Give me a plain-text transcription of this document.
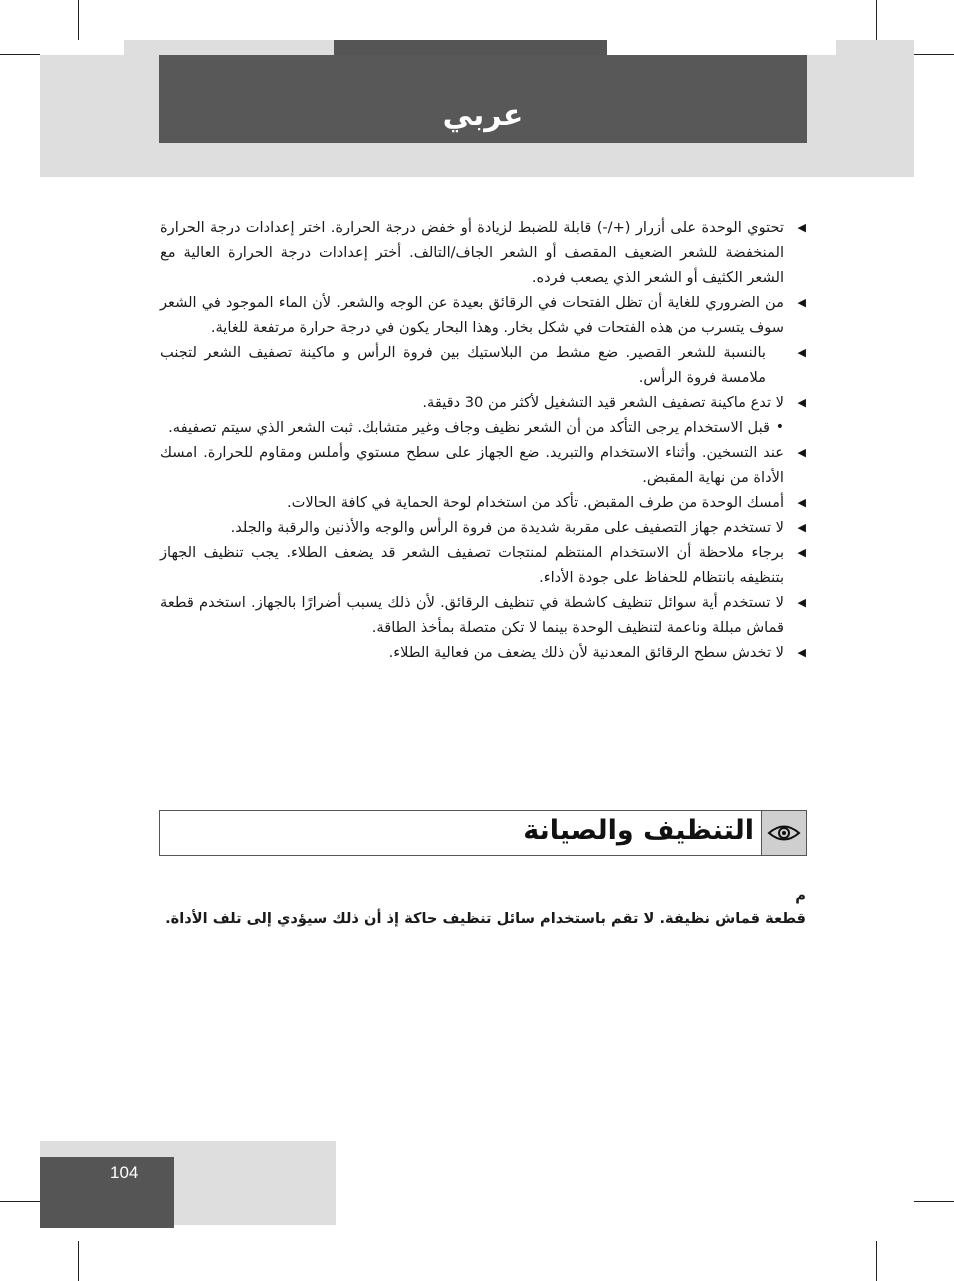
عربي
◀
تحتوي الوحدة على أزرار (+/-) قابلة للضبط لزيادة أو خفض درجة الحرارة. اختر إعدادات درجة الحرارة المنخفضة للشعر الضعيف المقصف أو الشعر الجاف/التالف. أختر إعدادات درجة الحرارة العالية مع الشعر الكثيف أو الشعر الذي يصعب فرده.
◀
من الضروري للغاية أن تظل الفتحات في الرقائق بعيدة عن الوجه والشعر. لأن الماء الموجود في الشعر سوف يتسرب من هذه الفتحات في شكل بخار. وهذا البحار يكون في درجة حرارة مرتفعة للغاية.
◀
بالنسبة للشعر القصير. ضع مشط من البلاستيك بين فروة الرأس و ماكينة تصفيف الشعر لتجنب ملامسة فروة الرأس.
◀
لا تدع ماكينة تصفيف الشعر قيد التشغيل لأكثر من 30 دقيقة.
•
قبل الاستخدام يرجى التأكد من أن الشعر نظيف وجاف وغير متشابك. ثبت الشعر الذي سيتم تصفيفه.
◀
عند التسخين. وأثناء الاستخدام والتبريد. ضع الجهاز على سطح مستوي وأملس ومقاوم للحرارة. امسك الأداة من نهاية المقبض.
◀
أمسك الوحدة من طرف المقبض. تأكد من استخدام لوحة الحماية في كافة الحالات.
◀
لا تستخدم جهاز التصفيف على مقربة شديدة من فروة الرأس والوجه والأذنين والرقبة والجلد.
◀
برجاء ملاحظة أن الاستخدام المنتظم لمنتجات تصفيف الشعر قد يضعف الطلاء. يجب تنظيف الجهاز بتنظيفه بانتظام للحفاظ على جودة الأداء.
◀
لا تستخدم أية سوائل تنظيف كاشطة في تنظيف الرقائق. لأن ذلك يسبب أضرارًا بالجهاز. استخدم قطعة قماش مبللة وناعمة لتنظيف الوحدة بينما لا تكن متصلة بمأخذ الطاقة.
◀
لا تخدش سطح الرقائق المعدنية لأن ذلك يضعف من فعالية الطلاء.
التنظيف والصيانة
م
قطعة قماش نظيفة. لا تقم باستخدام سائل تنظيف حاكة إذ أن ذلك سيؤدي إلى تلف الأداة.
104
